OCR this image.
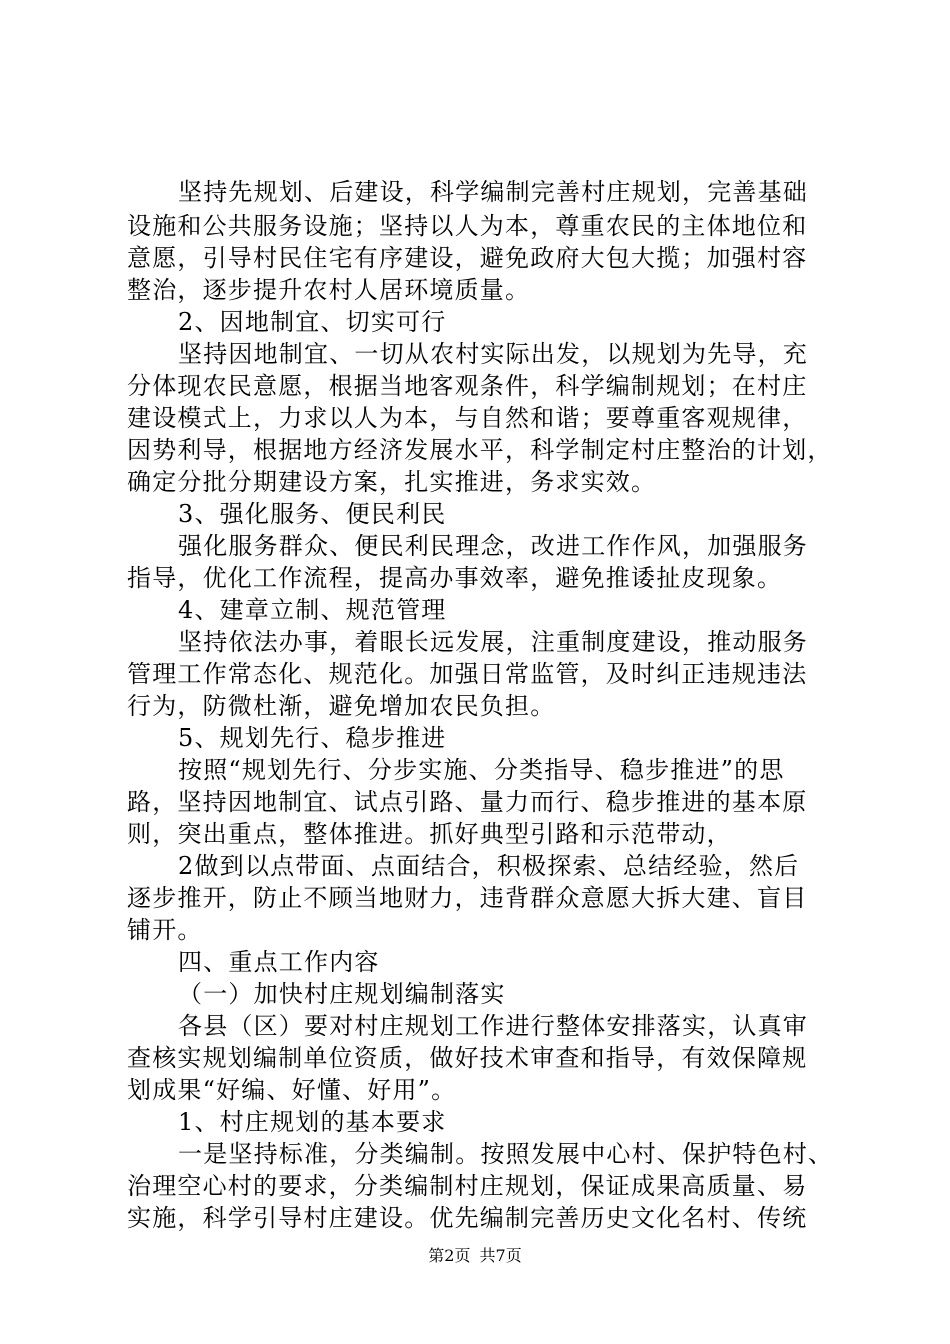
坚持先规划、后建设，科学编制完善村庄规划，完善基础
设施和公共服务设施；坚持以人为本，尊重农民的主体地位和
意愿，引导村民住宅有序建设，避免政府大包大揽；加强村容
整治，逐步提升农村人居环境质量。
2、因地制宜、切实可行
坚持因地制宜、一切从农村实际出发，以规划为先导，充
分体现农民意愿，根据当地客观条件，科学编制规划；在村庄
建设模式上，力求以人为本，与自然和谐；要尊重客观规律，
因势利导，根据地方经济发展水平，科学制定村庄整治的计划，
确定分批分期建设方案，扎实推进，务求实效。
3、强化服务、便民利民
强化服务群众、便民利民理念，改进工作作风，加强服务
指导，优化工作流程，提高办事效率，避免推诿扯皮现象。
4、建章立制、规范管理
坚持依法办事，着眼长远发展，注重制度建设，推动服务
管理工作常态化、规范化。加强日常监管，及时纠正违规违法
行为，防微杜渐，避免增加农民负担。
5、规划先行、稳步推进
按照“规划先行、分步实施、分类指导、稳步推进”的思
路，坚持因地制宜、试点引路、量力而行、稳步推进的基本原
则，突出重点，整体推进。抓好典型引路和示范带动，
2做到以点带面、点面结合，积极探索、总结经验，然后
逐步推开，防止不顾当地财力，违背群众意愿大拆大建、盲目
铺开。
四、重点工作内容
（一）加快村庄规划编制落实
各县（区）要对村庄规划工作进行整体安排落实，认真审
查核实规划编制单位资质，做好技术审查和指导，有效保障规
划成果“好编、好懂、好用”。
1、村庄规划的基本要求
一是坚持标准，分类编制。按照发展中心村、保护特色村、
治理空心村的要求，分类编制村庄规划，保证成果高质量、易
实施，科学引导村庄建设。优先编制完善历史文化名村、传统
第2页 共7页
